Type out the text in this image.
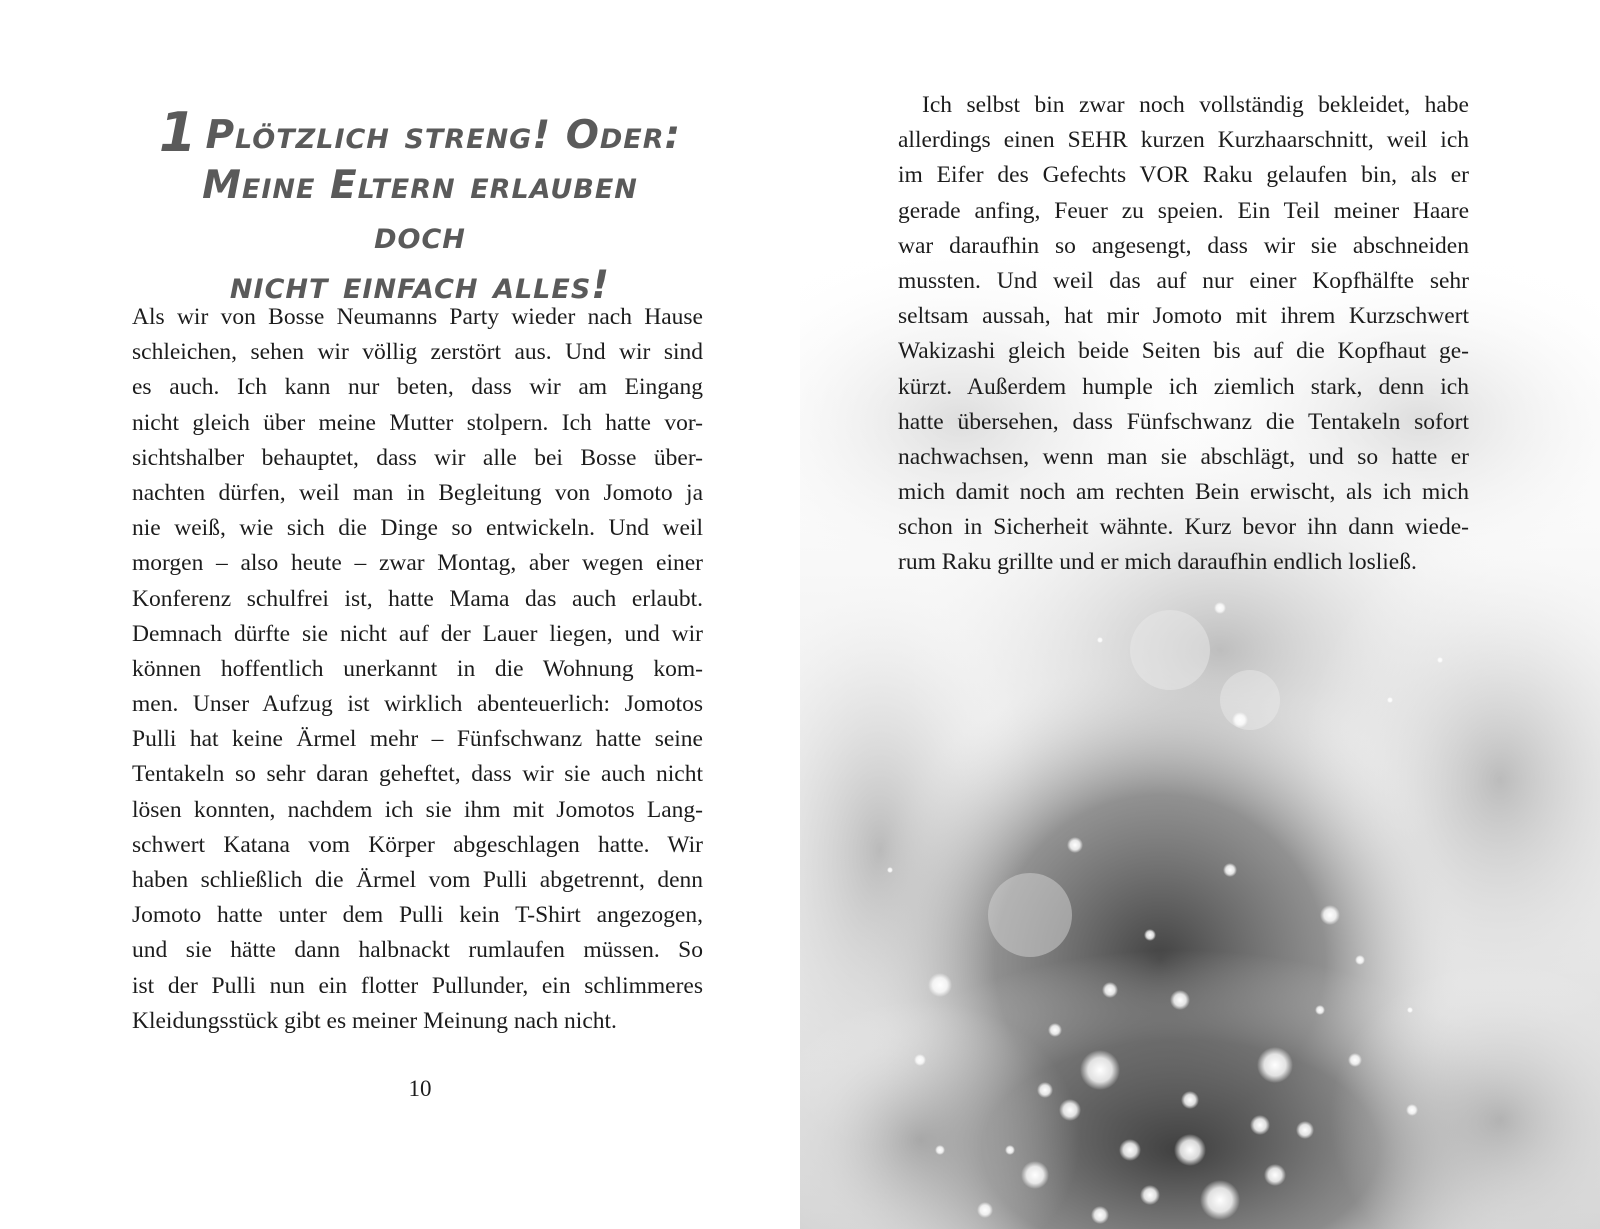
1 Plötzlich streng! Oder:
Meine Eltern erlauben doch
nicht einfach alles!
Als wir von Bosse Neumanns Party wieder nach Hause
schleichen, sehen wir völlig zerstört aus. Und wir sind
es auch. Ich kann nur beten, dass wir am Eingang
nicht gleich über meine Mutter stolpern. Ich hatte vor-
sichtshalber behauptet, dass wir alle bei Bosse über-
nachten dürfen, weil man in Begleitung von Jomoto ja
nie weiß, wie sich die Dinge so entwickeln. Und weil
morgen – also heute – zwar Montag, aber wegen einer
Konferenz schulfrei ist, hatte Mama das auch erlaubt.
Demnach dürfte sie nicht auf der Lauer liegen, und wir
können hoffentlich unerkannt in die Wohnung kom-
men. Unser Aufzug ist wirklich abenteuerlich: Jomotos
Pulli hat keine Ärmel mehr – Fünfschwanz hatte seine
Tentakeln so sehr daran geheftet, dass wir sie auch nicht
lösen konnten, nachdem ich sie ihm mit Jomotos Lang-
schwert Katana vom Körper abgeschlagen hatte. Wir
haben schließlich die Ärmel vom Pulli abgetrennt, denn
Jomoto hatte unter dem Pulli kein T-Shirt angezogen,
und sie hätte dann halbnackt rumlaufen müssen. So
ist der Pulli nun ein flotter Pullunder, ein schlimmeres
Kleidungsstück gibt es meiner Meinung nach nicht.
10
Ich selbst bin zwar noch vollständig bekleidet, habe
allerdings einen SEHR kurzen Kurzhaarschnitt, weil ich
im Eifer des Gefechts VOR Raku gelaufen bin, als er
gerade anfing, Feuer zu speien. Ein Teil meiner Haare
war daraufhin so angesengt, dass wir sie abschneiden
mussten. Und weil das auf nur einer Kopfhälfte sehr
seltsam aussah, hat mir Jomoto mit ihrem Kurzschwert
Wakizashi gleich beide Seiten bis auf die Kopfhaut ge-
kürzt. Außerdem humple ich ziemlich stark, denn ich
hatte übersehen, dass Fünfschwanz die Tentakeln sofort
nachwachsen, wenn man sie abschlägt, und so hatte er
mich damit noch am rechten Bein erwischt, als ich mich
schon in Sicherheit wähnte. Kurz bevor ihn dann wiede-
rum Raku grillte und er mich daraufhin endlich losließ.
